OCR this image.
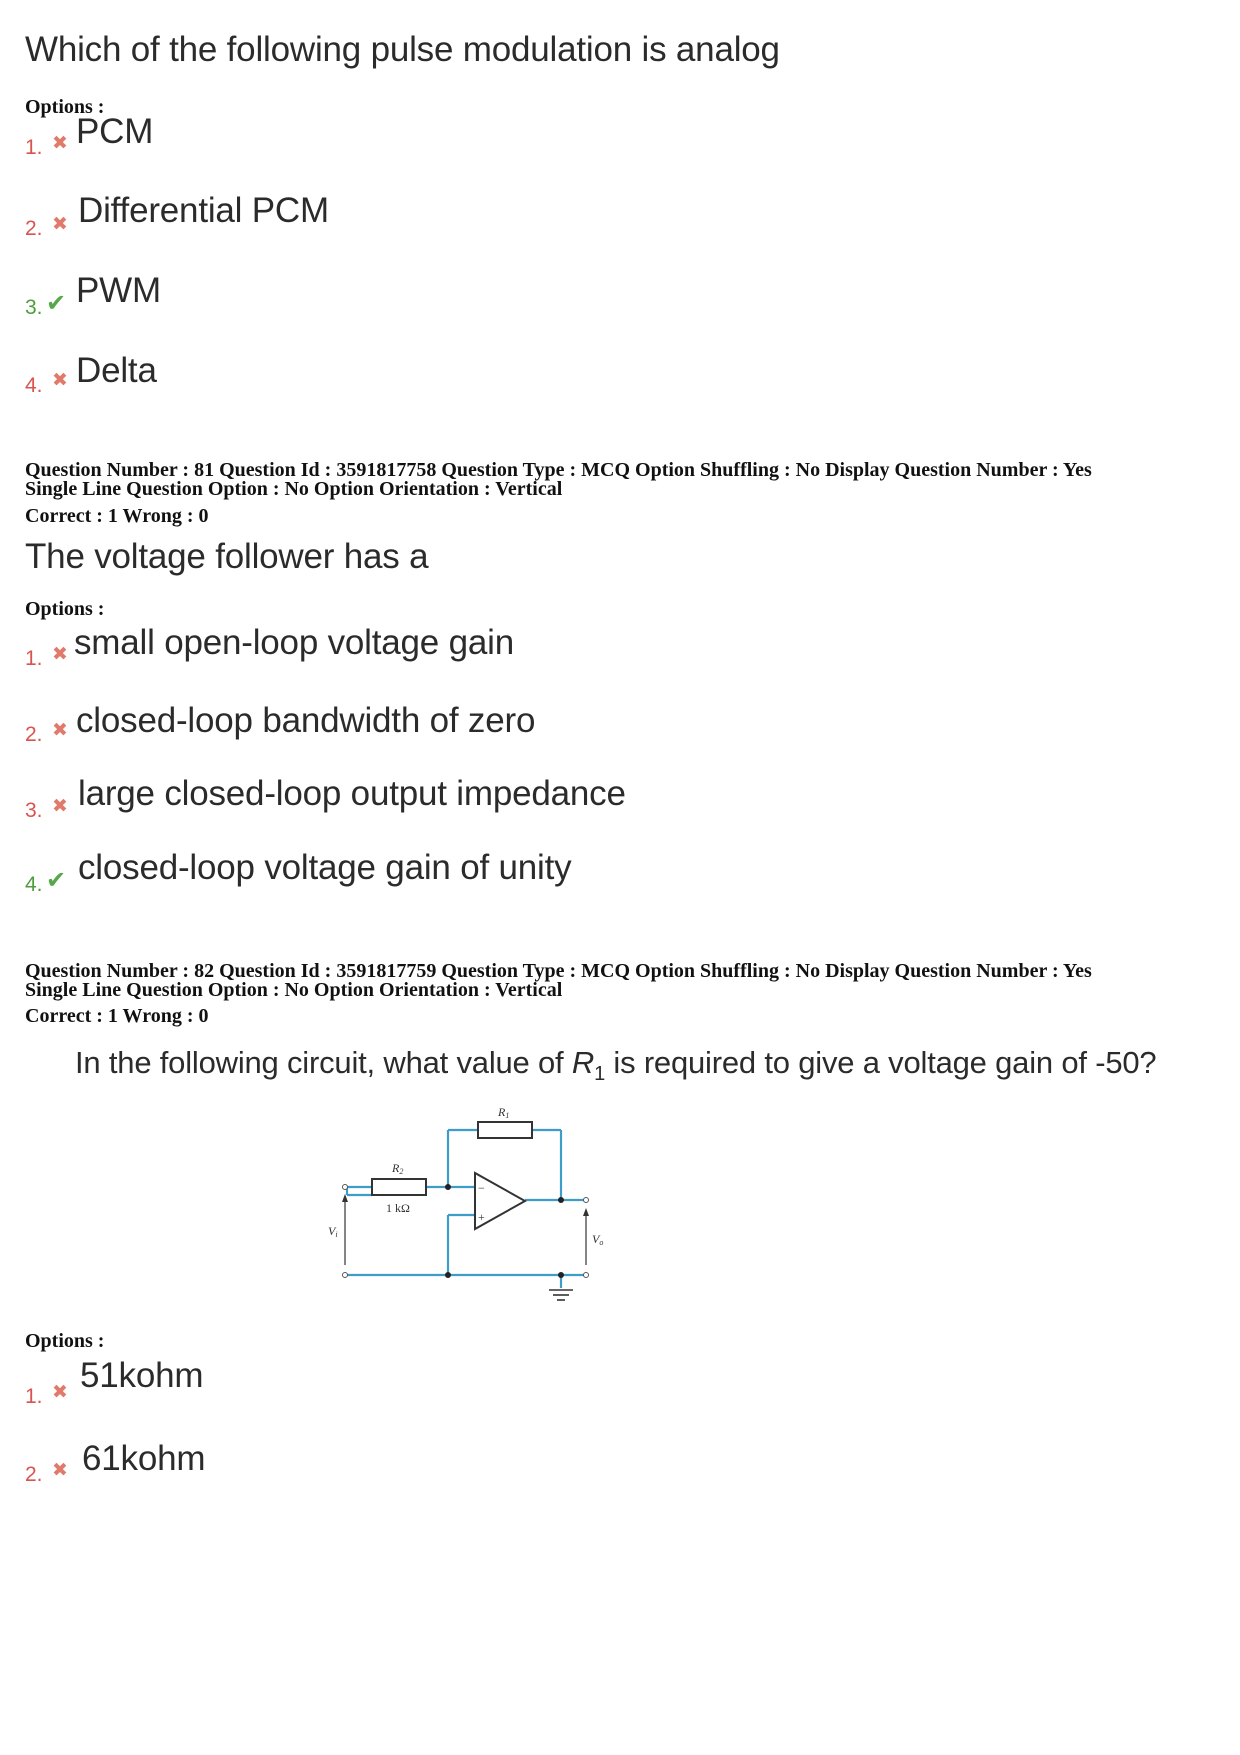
Which of the following pulse modulation is analog
Options :
1. ✖ PCM
2. ✖ Differential PCM
3. ✔ PWM
4. ✖ Delta
Question Number : 81 Question Id : 3591817758 Question Type : MCQ Option Shuffling : No Display Question Number : Yes
Single Line Question Option : No Option Orientation : Vertical
Correct : 1 Wrong : 0
The voltage follower has a
Options :
1. ✖ small open-loop voltage gain
2. ✖ closed-loop bandwidth of zero
3. ✖ large closed-loop output impedance
4. ✔ closed-loop voltage gain of unity
Question Number : 82 Question Id : 3591817759 Question Type : MCQ Option Shuffling : No Display Question Number : Yes
Single Line Question Option : No Option Orientation : Vertical
Correct : 1 Wrong : 0
In the following circuit, what value of $R_1$ is required to give a voltage gain of -50?
R1
R2
1 kΩ
Vi	Vo
−
+
Options :
1. ✖ 51kohm
2. ✖ 61kohm
